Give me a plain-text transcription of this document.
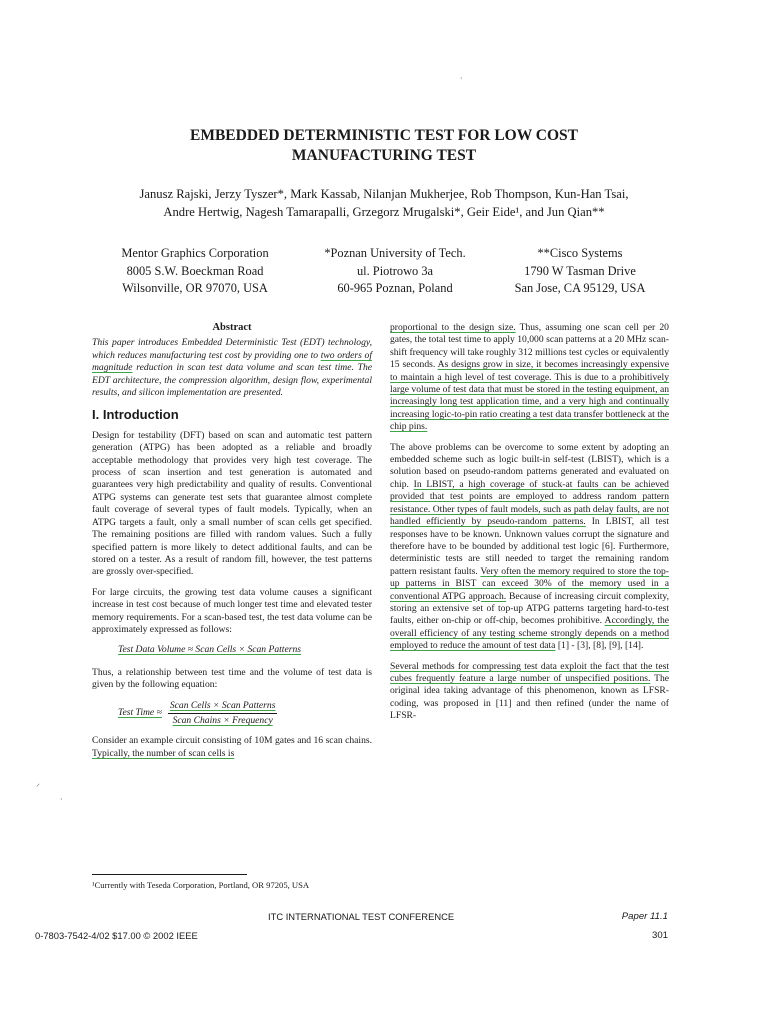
EMBEDDED DETERMINISTIC TEST FOR LOW COST
MANUFACTURING TEST
Janusz Rajski, Jerzy Tyszer*, Mark Kassab, Nilanjan Mukherjee, Rob Thompson, Kun-Han Tsai,
Andre Hertwig, Nagesh Tamarapalli, Grzegorz Mrugalski*, Geir Eide¹, and Jun Qian**
Mentor Graphics Corporation
8005 S.W. Boeckman Road
Wilsonville, OR 97070, USA
*Poznan University of Tech.
ul. Piotrowo 3a
60-965 Poznan, Poland
**Cisco Systems
1790 W Tasman Drive
San Jose, CA 95129, USA
Abstract

This paper introduces Embedded Deterministic Test (EDT) technology, which reduces manufacturing test cost by providing one to two orders of magnitude reduction in scan test data volume and scan test time. The EDT architecture, the compression algorithm, design flow, experimental results, and silicon implementation are presented.

I. Introduction

Design for testability (DFT) based on scan and automatic test pattern generation (ATPG) has been adopted as a reliable and broadly acceptable methodology that provides very high test coverage. The process of scan insertion and test generation is automated and guarantees very high predictability and quality of results. Conventional ATPG systems can generate test sets that guarantee almost complete fault coverage of several types of fault models. Typically, when an ATPG targets a fault, only a small number of scan cells get specified. The remaining positions are filled with random values. Such a fully specified pattern is more likely to detect additional faults, and can be stored on a tester. As a result of random fill, however, the test patterns are grossly over-specified.

For large circuits, the growing test data volume causes a significant increase in test cost because of much longer test time and elevated tester memory requirements. For a scan-based test, the test data volume can be approximately expressed as follows:

Test Data Volume ≈ Scan Cells × Scan Patterns

Thus, a relationship between test time and the volume of test data is given by the following equation:

Test Time ≈ $\frac{\text{Scan Cells × Scan Patterns}}{\text{Scan Chains × Frequency}}$

Consider an example circuit consisting of 10M gates and 16 scan chains. Typically, the number of scan cells is

proportional to the design size. Thus, assuming one scan cell per 20 gates, the total test time to apply 10,000 scan patterns at a 20 MHz scan-shift frequency will take roughly 312 millions test cycles or equivalently 15 seconds. As designs grow in size, it becomes increasingly expensive to maintain a high level of test coverage. This is due to a prohibitively large volume of test data that must be stored in the testing equipment, an increasingly long test application time, and a very high and continually increasing logic-to-pin ratio creating a test data transfer bottleneck at the chip pins.

The above problems can be overcome to some extent by adopting an embedded scheme such as logic built-in self-test (LBIST), which is a solution based on pseudo-random patterns generated and evaluated on chip. In LBIST, a high coverage of stuck-at faults can be achieved provided that test points are employed to address random pattern resistance. Other types of fault models, such as path delay faults, are not handled efficiently by pseudo-random patterns. In LBIST, all test responses have to be known. Unknown values corrupt the signature and therefore have to be bounded by additional test logic [6]. Furthermore, deterministic tests are still needed to target the remaining random pattern resistant faults. Very often the memory required to store the top-up patterns in BIST can exceed 30% of the memory used in a conventional ATPG approach. Because of increasing circuit complexity, storing an extensive set of top-up ATPG patterns targeting hard-to-test faults, either on-chip or off-chip, becomes prohibitive. Accordingly, the overall efficiency of any testing scheme strongly depends on a method employed to reduce the amount of test data [1] - [3], [8], [9], [14].

Several methods for compressing test data exploit the fact that the test cubes frequently feature a large number of unspecified positions. The original idea taking advantage of this phenomenon, known as LFSR-coding, was proposed in [11] and then refined (under the name of LFSR-

¹Currently with Teseda Corporation, Portland, OR 97205, USA
ITC INTERNATIONAL TEST CONFERENCE	Paper 11.1
0-7803-7542-4/02 $17.00 © 2002 IEEE	301
⸝
·
·
